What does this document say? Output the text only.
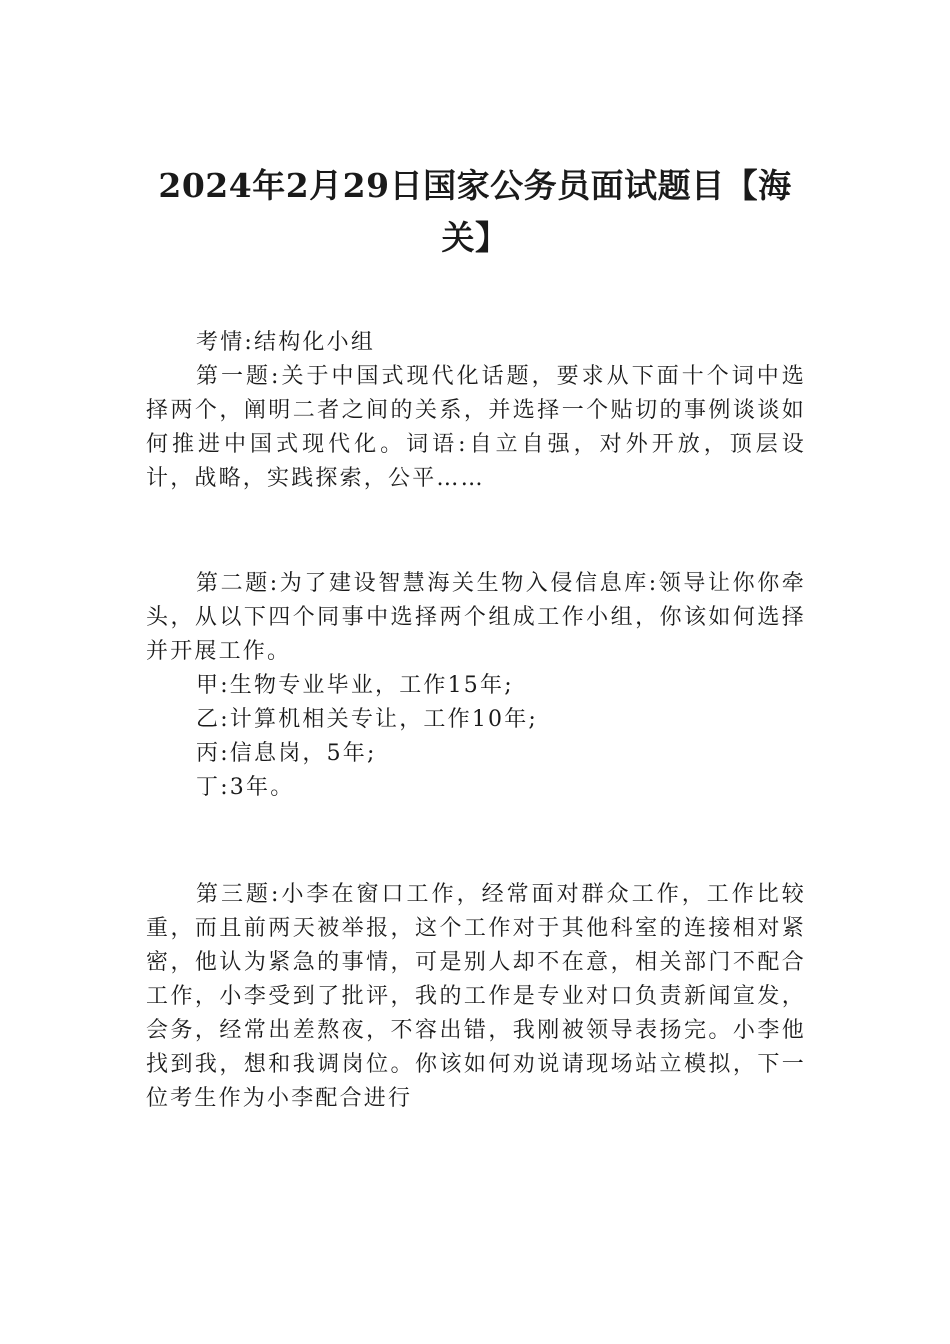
2024年2月29日国家公务员面试题目【海关】

考情:结构化小组

第一题:关于中国式现代化话题，要求从下面十个词中选择两个，阐明二者之间的关系，并选择一个贴切的事例谈谈如何推进中国式现代化。词语:自立自强，对外开放，顶层设计，战略，实践探索，公平……

第二题:为了建设智慧海关生物入侵信息库:领导让你你牵头，从以下四个同事中选择两个组成工作小组，你该如何选择并开展工作。

甲:生物专业毕业，工作15年;

乙:计算机相关专让，工作10年;

丙:信息岗，5年;

丁:3年。

第三题:小李在窗口工作，经常面对群众工作，工作比较重，而且前两天被举报，这个工作对于其他科室的连接相对紧密，他认为紧急的事情，可是别人却不在意，相关部门不配合工作，小李受到了批评，我的工作是专业对口负责新闻宣发，会务，经常出差熬夜，不容出错，我刚被领导表扬完。小李他找到我，想和我调岗位。你该如何劝说请现场站立模拟，下一位考生作为小李配合进行
